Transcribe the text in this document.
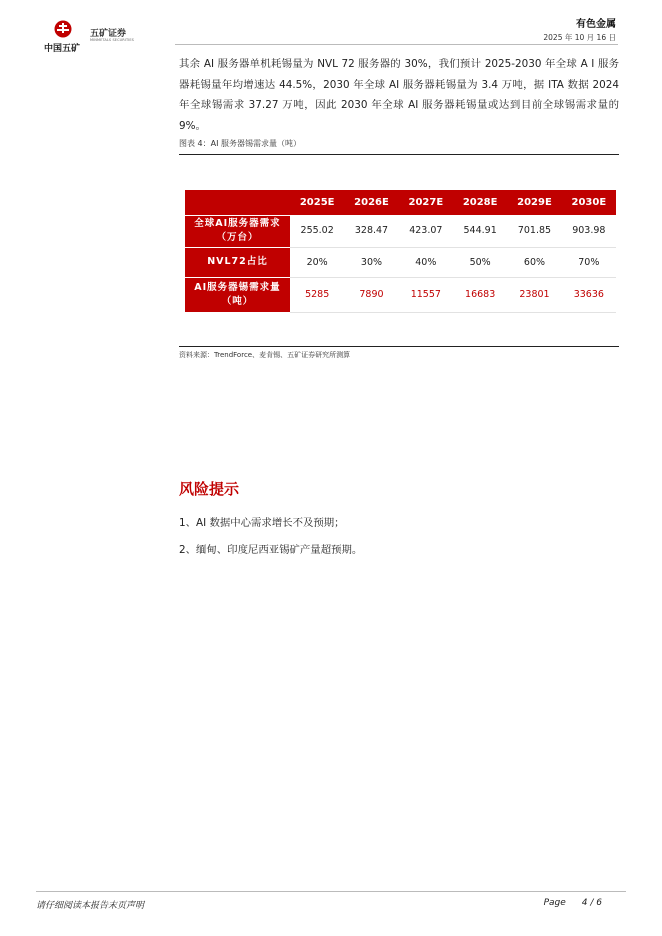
中国五矿
五矿证券
MINMETALS SECURITIES
有色金属
2025 年 10 月 16 日
其余 AI 服务器单机耗锡量为 NVL 72 服务器的 30%，我们预计 2025-2030 年全球 A I 服务器耗锡量年均增速达 44.5%，2030 年全球 AI 服务器耗锡量为 3.4 万吨，据 ITA 数据 2024 年全球锡需求 37.27 万吨，因此 2030 年全球 AI 服务器耗锡量或达到目前全球锡需求量的 9%。
图表 4：AI 服务器锡需求量（吨）
	2025E	2026E	2027E	2028E	2029E	2030E

全球AI服务器需求
（万台）	255.02	328.47	423.07	544.91	701.85	903.98

NVL72占比	20%	30%	40%	50%	60%	70%

AI服务器锡需求量
（吨）	5285	7890	11557	16683	23801	33636
资料来源：TrendForce、麦肯锡、五矿证券研究所测算
风险提示
1、AI 数据中心需求增长不及预期；
2、缅甸、印度尼西亚锡矿产量超预期。
请仔细阅读本报告末页声明	Page 4 / 6
